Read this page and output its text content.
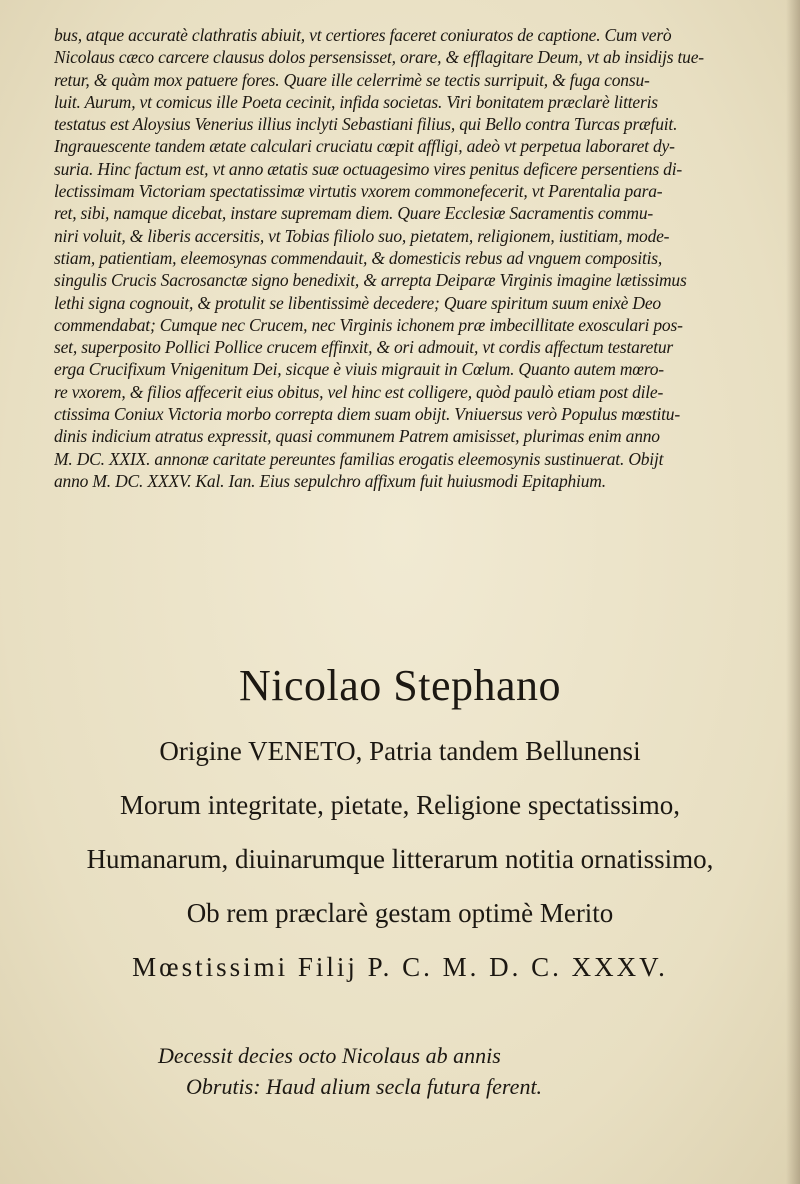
bus, atque accuratè clathratis abiuit, vt certiores faceret coniuratos de captione. Cum verò
Nicolaus cæco carcere clausus dolos persensisset, orare, & efflagitare Deum, vt ab insidijs tue-
retur, & quàm mox patuere fores. Quare ille celerrimè se tectis surripuit, & fuga consu-
luit. Aurum, vt comicus ille Poeta cecinit, infida societas. Viri bonitatem præclarè litteris
testatus est Aloysius Venerius illius inclyti Sebastiani filius, qui Bello contra Turcas præfuit.
Ingrauescente tandem ætate calculari cruciatu cœpit affligi, adeò vt perpetua laboraret dy-
suria. Hinc factum est, vt anno ætatis suæ octuagesimo vires penitus deficere persentiens di-
lectissimam Victoriam spectatissimæ virtutis vxorem commonefecerit, vt Parentalia para-
ret, sibi, namque dicebat, instare supremam diem. Quare Ecclesiæ Sacramentis commu-
niri voluit, & liberis accersitis, vt Tobias filiolo suo, pietatem, religionem, iustitiam, mode-
stiam, patientiam, eleemosynas commendauit, & domesticis rebus ad vnguem compositis,
singulis Crucis Sacrosanctæ signo benedixit, & arrepta Deiparæ Virginis imagine lætissimus
lethi signa cognouit, & protulit se libentissimè decedere; Quare spiritum suum enixè Deo
commendabat; Cumque nec Crucem, nec Virginis ichonem præ imbecillitate exosculari pos-
set, superposito Pollici Pollice crucem effinxit, & ori admouit, vt cordis affectum testaretur
erga Crucifixum Vnigenitum Dei, sicque è viuis migrauit in Cœlum. Quanto autem mœro-
re vxorem, & filios affecerit eius obitus, vel hinc est colligere, quòd paulò etiam post dile-
ctissima Coniux Victoria morbo correpta diem suam obijt. Vniuersus verò Populus mœstitu-
dinis indicium atratus expressit, quasi communem Patrem amisisset, plurimas enim anno
M. DC. XXIX. annonæ caritate pereuntes familias erogatis eleemosynis sustinuerat. Obijt
anno M. DC. XXXV. Kal. Ian. Eius sepulchro affixum fuit huiusmodi Epitaphium.

Nicolao Stephano

Origine VENETO, Patria tandem Bellunensi

Morum integritate, pietate, Religione spectatissimo,

Humanarum, diuinarumque litterarum notitia ornatissimo,

Ob rem præclarè gestam optimè Merito

Mœstissimi Filij P. C. M. D. C. XXXV.

Decessit decies octo Nicolaus ab annis
Obrutis: Haud alium secla futura ferent.
